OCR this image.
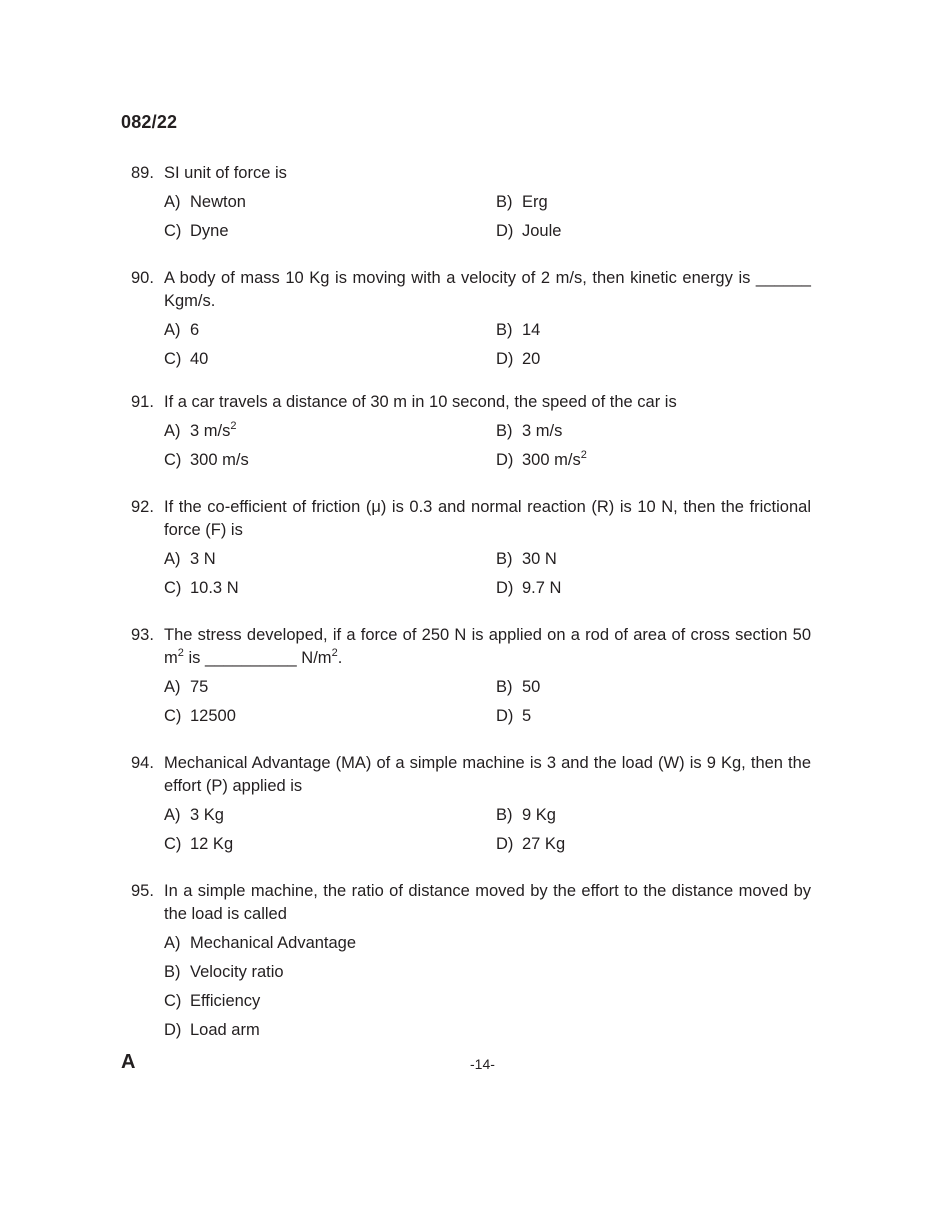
082/22
89. SI unit of force is
A) Newton	B) Erg
C) Dyne	D) Joule
90. A body of mass 10 Kg is moving with a velocity of 2 m/s, then kinetic energy is ______ Kgm/s.
A) 6	B) 14
C) 40	D) 20
91. If a car travels a distance of 30 m in 10 second, the speed of the car is
A) 3 $m/s^2$	B) 3 m/s
C) 300 m/s	D) 300 $m/s^2$
92. If the co-efficient of friction (μ) is 0.3 and normal reaction (R) is 10 N, then the frictional force (F) is
A) 3 N	B) 30 N
C) 10.3 N	D) 9.7 N
93. The stress developed, if a force of 250 N is applied on a rod of area of cross section 50 $m^2$ is __________ $N/m^2$.
A) 75	B) 50
C) 12500	D) 5
94. Mechanical Advantage (MA) of a simple machine is 3 and the load (W) is 9 Kg, then the effort (P) applied is
A) 3 Kg	B) 9 Kg
C) 12 Kg	D) 27 Kg
95. In a simple machine, the ratio of distance moved by the effort to the distance moved by the load is called
A) Mechanical Advantage
B) Velocity ratio
C) Efficiency
D) Load arm
A	-14-
